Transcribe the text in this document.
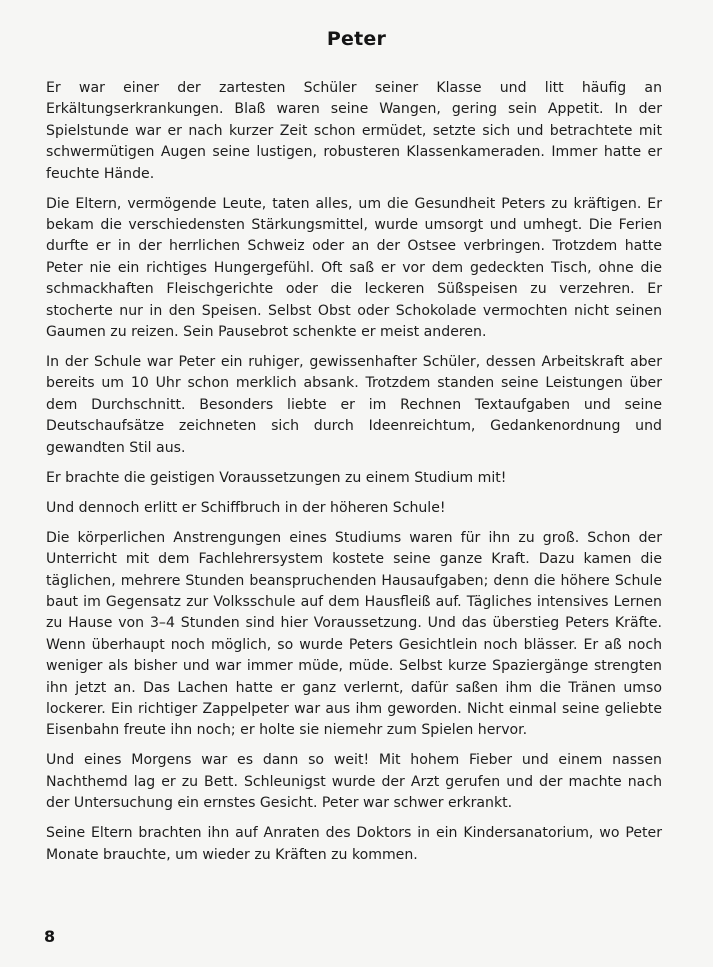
Peter

Er war einer der zartesten Schüler seiner Klasse und litt häufig an Erkältungserkrankungen. Blaß waren seine Wangen, gering sein Appetit. In der Spielstunde war er nach kurzer Zeit schon ermüdet, setzte sich und betrachtete mit schwermütigen Augen seine lustigen, robusteren Klassenkameraden. Immer hatte er feuchte Hände.

Die Eltern, vermögende Leute, taten alles, um die Gesundheit Peters zu kräftigen. Er bekam die verschiedensten Stärkungsmittel, wurde umsorgt und umhegt. Die Ferien durfte er in der herrlichen Schweiz oder an der Ostsee verbringen. Trotzdem hatte Peter nie ein richtiges Hungergefühl. Oft saß er vor dem gedeckten Tisch, ohne die schmackhaften Fleischgerichte oder die leckeren Süßspeisen zu verzehren. Er stocherte nur in den Speisen. Selbst Obst oder Schokolade vermochten nicht seinen Gaumen zu reizen. Sein Pausebrot schenkte er meist anderen.

In der Schule war Peter ein ruhiger, gewissenhafter Schüler, dessen Arbeitskraft aber bereits um 10 Uhr schon merklich absank. Trotzdem standen seine Leistungen über dem Durchschnitt. Besonders liebte er im Rechnen Textaufgaben und seine Deutschaufsätze zeichneten sich durch Ideenreichtum, Gedankenordnung und gewandten Stil aus.

Er brachte die geistigen Voraussetzungen zu einem Studium mit!

Und dennoch erlitt er Schiffbruch in der höheren Schule!

Die körperlichen Anstrengungen eines Studiums waren für ihn zu groß. Schon der Unterricht mit dem Fachlehrersystem kostete seine ganze Kraft. Dazu kamen die täglichen, mehrere Stunden beanspruchenden Hausaufgaben; denn die höhere Schule baut im Gegensatz zur Volksschule auf dem Hausfleiß auf. Tägliches intensives Lernen zu Hause von 3–4 Stunden sind hier Voraussetzung. Und das überstieg Peters Kräfte. Wenn überhaupt noch möglich, so wurde Peters Gesichtlein noch blässer. Er aß noch weniger als bisher und war immer müde, müde. Selbst kurze Spaziergänge strengten ihn jetzt an. Das Lachen hatte er ganz verlernt, dafür saßen ihm die Tränen umso lockerer. Ein richtiger Zappelpeter war aus ihm geworden. Nicht einmal seine geliebte Eisenbahn freute ihn noch; er holte sie niemehr zum Spielen hervor.

Und eines Morgens war es dann so weit! Mit hohem Fieber und einem nassen Nachthemd lag er zu Bett. Schleunigst wurde der Arzt gerufen und der machte nach der Untersuchung ein ernstes Gesicht. Peter war schwer erkrankt.

Seine Eltern brachten ihn auf Anraten des Doktors in ein Kindersanatorium, wo Peter Monate brauchte, um wieder zu Kräften zu kommen.

8
